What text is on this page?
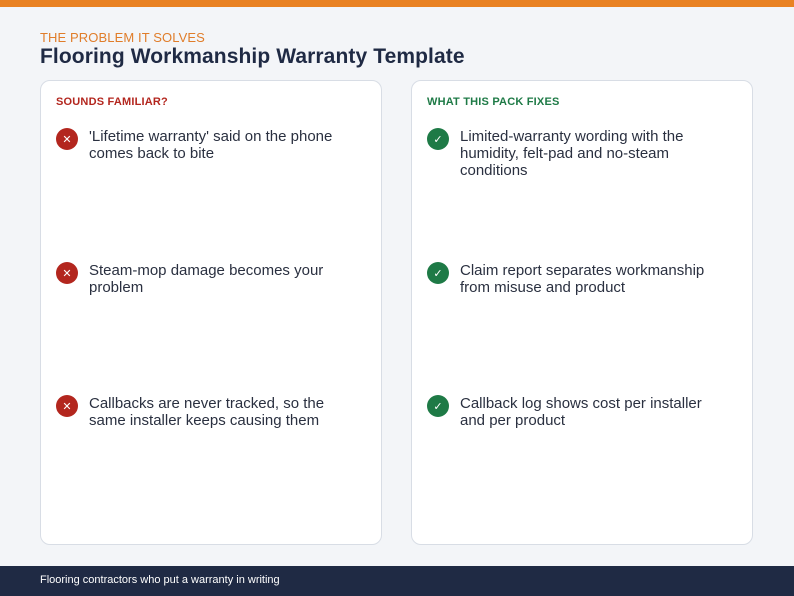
THE PROBLEM IT SOLVES
Flooring Workmanship Warranty Template
SOUNDS FAMILIAR?
✕	'Lifetime warranty' said on the phone comes back to bite
✕	Steam-mop damage becomes your problem
✕	Callbacks are never tracked, so the same installer keeps causing them
WHAT THIS PACK FIXES
✓	Limited-warranty wording with the humidity, felt-pad and no-steam conditions
✓	Claim report separates workmanship from misuse and product
✓	Callback log shows cost per installer and per product
Flooring contractors who put a warranty in writing
